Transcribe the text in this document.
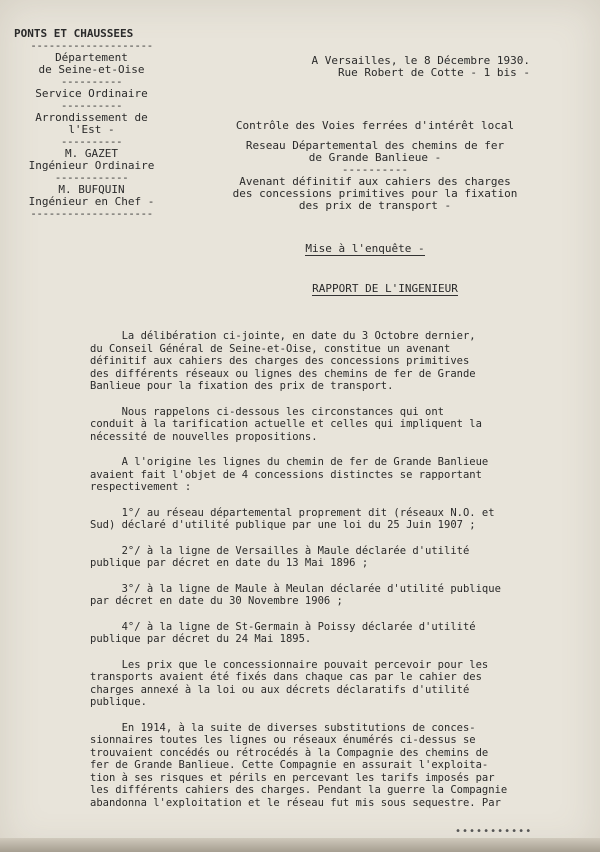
PONTS ET CHAUSSEES
--------------------
Département
de Seine-et-Oise
----------
Service Ordinaire
----------
Arrondissement de
l'Est -
----------
M. GAZET
Ingénieur Ordinaire
------------
M. BUFQUIN
Ingénieur en Chef -
--------------------
A Versailles, le 8 Décembre 1930.
Rue Robert de Cotte - 1 bis -
Contrôle des Voies ferrées d'intérêt local
Reseau Départemental des chemins de fer
de Grande Banlieue -
----------
Avenant définitif aux cahiers des charges
des concessions primitives pour la fixation
des prix de transport -
Mise à l'enquête -
RAPPORT DE L'INGENIEUR
La délibération ci-jointe, en date du 3 Octobre dernier,
du Conseil Général de Seine-et-Oise, constitue un avenant
définitif aux cahiers des charges des concessions primitives
des différents réseaux ou lignes des chemins de fer de Grande
Banlieue pour la fixation des prix de transport.
Nous rappelons ci-dessous les circonstances qui ont
conduit à la tarification actuelle et celles qui impliquent la
nécessité de nouvelles propositions.
A l'origine les lignes du chemin de fer de Grande Banlieue
avaient fait l'objet de 4 concessions distinctes se rapportant
respectivement :
1°/ au réseau départemental proprement dit (réseaux N.O. et
Sud) déclaré d'utilité publique par une loi du 25 Juin 1907 ;
2°/ à la ligne de Versailles à Maule déclarée d'utilité
publique par décret en date du 13 Mai 1896 ;
3°/ à la ligne de Maule à Meulan déclarée d'utilité publique
par décret en date du 30 Novembre 1906 ;
4°/ à la ligne de St-Germain à Poissy déclarée d'utilité
publique par décret du 24 Mai 1895.
Les prix que le concessionnaire pouvait percevoir pour les
transports avaient été fixés dans chaque cas par le cahier des
charges annexé à la loi ou aux décrets déclaratifs d'utilité
publique.
En 1914, à la suite de diverses substitutions de conces-
sionnaires toutes les lignes ou réseaux énumérés ci-dessus se
trouvaient concédés ou rétrocédés à la Compagnie des chemins de
fer de Grande Banlieue. Cette Compagnie en assurait l'exploita-
tion à ses risques et périls en percevant les tarifs imposés par
les différents cahiers des charges. Pendant la guerre la Compagnie
abandonna l'exploitation et le réseau fut mis sous sequestre. Par
•••••••••••
